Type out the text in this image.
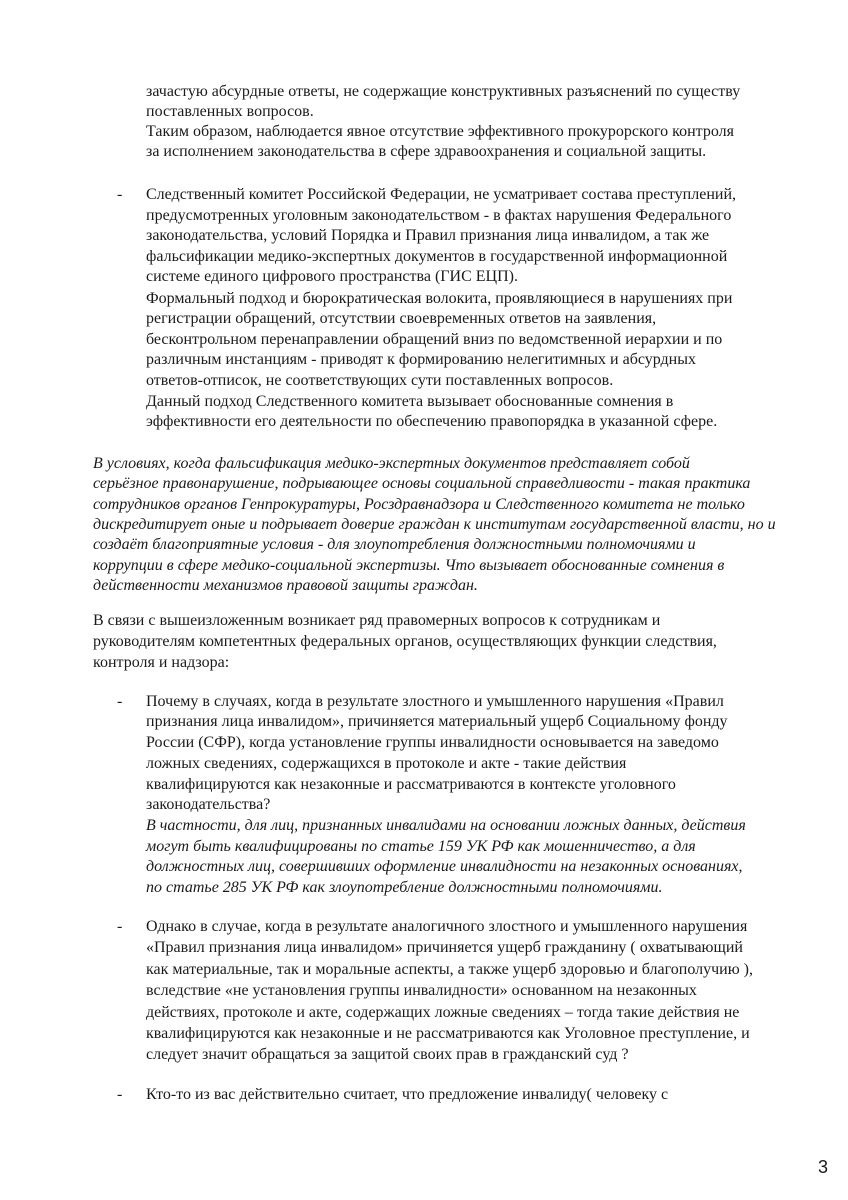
зачастую абсурдные ответы, не содержащие конструктивных разъяснений по существу
поставленных вопросов.
Таким образом, наблюдается явное отсутствие эффективного прокурорского контроля
за исполнением законодательства в сфере здравоохранения и социальной защиты.
- Следственный комитет Российской Федерации, не усматривает состава преступлений,
предусмотренных уголовным законодательством - в фактах нарушения Федерального
законодательства, условий Порядка и Правил признания лица инвалидом, а так же
фальсификации медико-экспертных документов в государственной информационной
системе единого цифрового пространства (ГИС ЕЦП).
Формальный подход и бюрократическая волокита, проявляющиеся в нарушениях при
регистрации обращений, отсутствии своевременных ответов на заявления,
бесконтрольном перенаправлении обращений вниз по ведомственной иерархии и по
различным инстанциям - приводят к формированию нелегитимных и абсурдных
ответов-отписок, не соответствующих сути поставленных вопросов.
Данный подход Следственного комитета вызывает обоснованные сомнения в
эффективности его деятельности по обеспечению правопорядка в указанной сфере.
В условиях, когда фальсификация медико-экспертных документов представляет собой
серьёзное правонарушение, подрывающее основы социальной справедливости - такая практика
сотрудников органов Генпрокуратуры, Росздравнадзора и Следственного комитета не только
дискредитирует оные и подрывает доверие граждан к институтам государственной власти, но и
создаёт благоприятные условия - для злоупотребления должностными полномочиями и
коррупции в сфере медико-социальной экспертизы. Что вызывает обоснованные сомнения в
действенности механизмов правовой защиты граждан.
В связи с вышеизложенным возникает ряд правомерных вопросов к сотрудникам и
руководителям компетентных федеральных органов, осуществляющих функции следствия,
контроля и надзора:
- Почему в случаях, когда в результате злостного и умышленного нарушения «Правил
признания лица инвалидом», причиняется материальный ущерб Социальному фонду
России (СФР), когда установление группы инвалидности основывается на заведомо
ложных сведениях, содержащихся в протоколе и акте - такие действия
квалифицируются как незаконные и рассматриваются в контексте уголовного
законодательства?
В частности, для лиц, признанных инвалидами на основании ложных данных, действия
могут быть квалифицированы по статье 159 УК РФ как мошенничество, а для
должностных лиц, совершивших оформление инвалидности на незаконных основаниях,
по статье 285 УК РФ как злоупотребление должностными полномочиями.
- Однако в случае, когда в результате аналогичного злостного и умышленного нарушения
«Правил признания лица инвалидом» причиняется ущерб гражданину ( охватывающий
как материальные, так и моральные аспекты, а также ущерб здоровью и благополучию ),
вследствие «не установления группы инвалидности» основанном на незаконных
действиях, протоколе и акте, содержащих ложные сведениях – тогда такие действия не
квалифицируются как незаконные и не рассматриваются как Уголовное преступление, и
следует значит обращаться за защитой своих прав в гражданский суд ?
- Кто-то из вас действительно считает, что предложение инвалиду( человеку с
3
